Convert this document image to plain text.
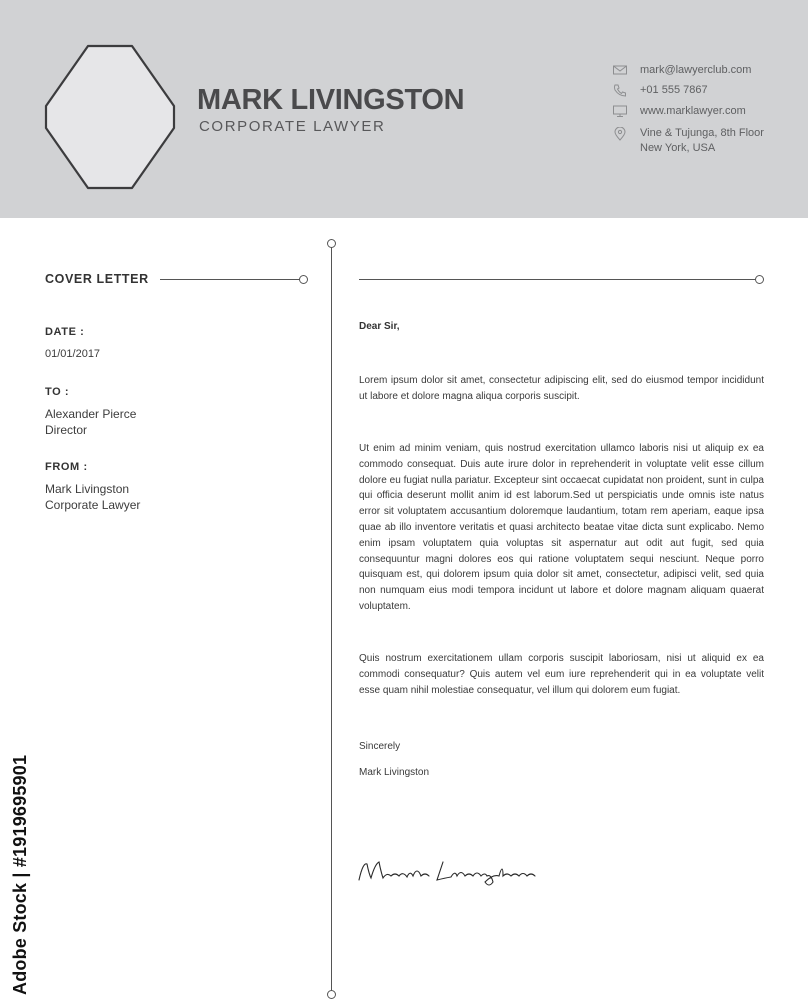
MARK LIVINGSTON
CORPORATE LAWYER
mark@lawyerclub.com
+01 555 7867
www.marklawyer.com
Vine & Tujunga, 8th Floor
New York, USA
COVER LETTER
DATE :
01/01/2017
TO :
Alexander Pierce
Director
FROM :
Mark Livingston
Corporate Lawyer
Dear Sir,
Lorem ipsum dolor sit amet, consectetur adipiscing elit, sed do eiusmod tempor incididunt ut labore et dolore magna aliqua corporis suscipit.
Ut enim ad minim veniam, quis nostrud exercitation ullamco laboris nisi ut aliquip ex ea commodo consequat. Duis aute irure dolor in reprehenderit in voluptate velit esse cillum dolore eu fugiat nulla pariatur. Excepteur sint occaecat cupidatat non proident, sunt in culpa qui officia deserunt mollit anim id est laborum.Sed ut perspiciatis unde omnis iste natus error sit voluptatem accusantium doloremque laudantium, totam rem aperiam, eaque ipsa quae ab illo inventore veritatis et quasi architecto beatae vitae dicta sunt explicabo. Nemo enim ipsam voluptatem quia voluptas sit aspernatur aut odit aut fugit, sed quia consequuntur magni dolores eos qui ratione voluptatem sequi nesciunt. Neque porro quisquam est, qui dolorem ipsum quia dolor sit amet, consectetur, adipisci velit, sed quia non numquam eius modi tempora incidunt ut labore et dolore magnam aliquam quaerat voluptatem.
Quis nostrum exercitationem ullam corporis suscipit laboriosam, nisi ut aliquid ex ea commodi consequatur? Quis autem vel eum iure reprehenderit qui in ea voluptate velit esse quam nihil molestiae consequatur, vel illum qui dolorem eum fugiat.
Sincerely
Mark Livingston
Adobe Stock | #191969590​1
